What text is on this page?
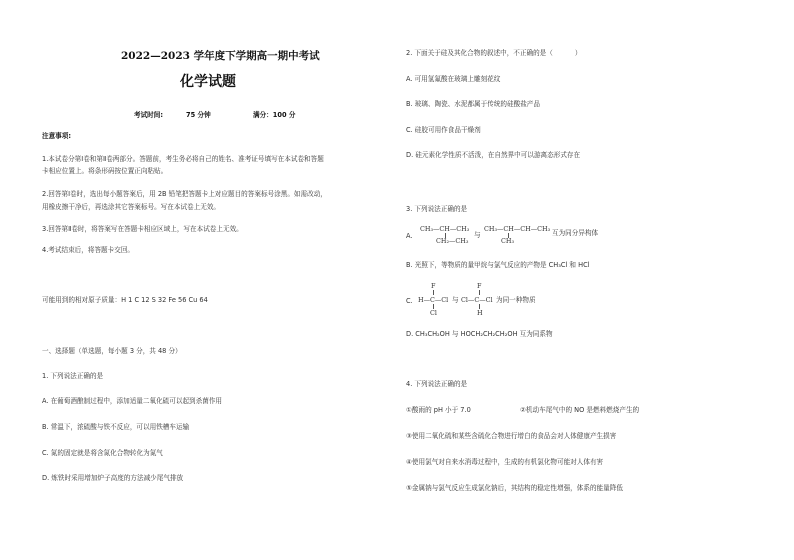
2022—2023 学年度下学期高一期中考试
化学试题
考试时间:	75 分钟	满分：100 分
注意事项:
1.本试卷分第Ⅰ卷和第Ⅱ卷两部分。答题前，考生务必将自己的姓名、准考证号填写在本试卷和答题
卡相应位置上。将条形码按位置正向粘贴。
2.回答第Ⅰ卷时，选出每小题答案后，用 2B 铅笔把答题卡上对应题目的答案标号涂黑。如需改动，
用橡皮擦干净后，再选涂其它答案标号。写在本试卷上无效。
3.回答第Ⅱ卷时，将答案写在答题卡相应区域上，写在本试卷上无效。
4.考试结束后，将答题卡交回。
可能用到的相对原子质量：H 1 C 12 S 32 Fe 56 Cu 64
一、选择题（单选题，每小题 3 分，共 48 分）
1. 下列说法正确的是
A. 在葡萄酒酿制过程中，添加适量二氧化硫可以起到杀菌作用
B. 常温下，浓硫酸与铁不反应，可以用铁槽车运输
C. 氮的固定就是将含氮化合物转化为氮气
D. 炼铁时采用增加炉子高度的方法减少尾气排放
2. 下面关于硅及其化合物的叙述中，不正确的是（	）
A. 可用氢氟酸在玻璃上雕刻花纹
B. 玻璃、陶瓷、水泥都属于传统的硅酸盐产品
C. 硅胶可用作食品干燥剂
D. 硅元素化学性质不活泼，在自然界中可以游离态形式存在
3. 下列说法正确的是
A.
CH₃—CH—CH₃
CH₂—CH₃
与
CH₃—CH—CH—CH₃
CH₃
互为同分异构体
B. 光照下，等物质的量甲烷与氯气反应的产物是 CH₃Cl 和 HCl
C.
F
H—C—Cl
Cl
与
F
Cl—C—Cl
H
为同一种物质
D. CH₃CH₂OH 与 HOCH₂CH₂CH₂OH 互为同系物
4. 下列说法正确的是
①酸雨的 pH 小于 7.0	②机动车尾气中的 NO 是燃料燃烧产生的
③使用二氧化硫和某些含硫化合物进行增白的食品会对人体健康产生损害
④使用氯气对自来水消毒过程中，生成的有机氯化物可能对人体有害
⑤金属钠与氯气反应生成氯化钠后，其结构的稳定性增强，体系的能量降低
